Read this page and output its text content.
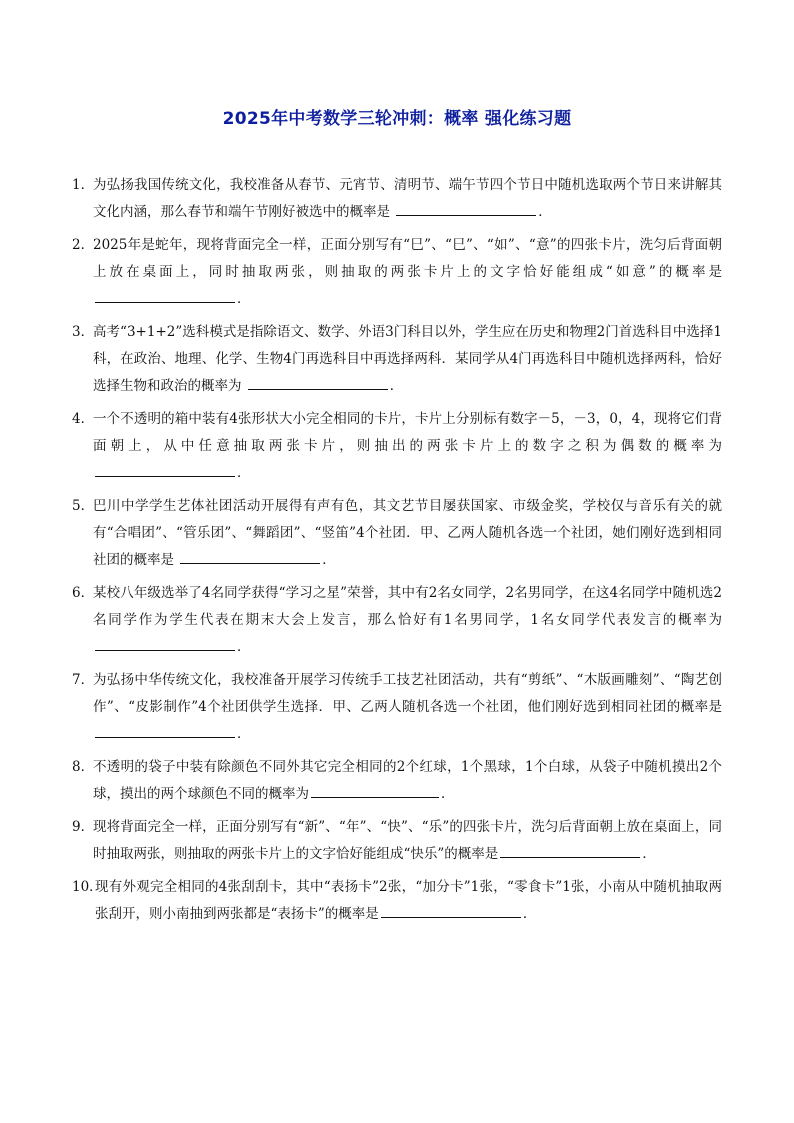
2025年中考数学三轮冲刺：概率 强化练习题
1．

为弘扬我国传统文化，我校准备从春节、元宵节、清明节、端午节四个节日中随机选取两个节日来讲解其文化内涵，那么春节和端午节刚好被选中的概率是	．

2．

2025年是蛇年，现将背面完全一样，正面分别写有“巳”、“巳”、“如”、“意”的四张卡片，洗匀后背面朝上放在桌面上，同时抽取两张，则抽取的两张卡片上的文字恰好能组成“如意”的概率是．

3．

高考“3+1+2”选科模式是指除语文、数学、外语3门科目以外，学生应在历史和物理2门首选科目中选择1科，在政治、地理、化学、生物4门再选科目中再选择两科．某同学从4门再选科目中随机选择两科，恰好选择生物和政治的概率为	．

4．

一个不透明的箱中装有4张形状大小完全相同的卡片，卡片上分别标有数字－5，－3，0，4，现将它们背面朝上，从中任意抽取两张卡片，则抽出的两张卡片上的数字之积为偶数的概率为．

5．

巴川中学学生艺体社团活动开展得有声有色，其文艺节目屡获国家、市级金奖，学校仅与音乐有关的就有“合唱团”、“管乐团”、“舞蹈团”、“竖笛”4个社团．甲、乙两人随机各选一个社团，她们刚好选到相同社团的概率是	．

6．

某校八年级选举了4名同学获得“学习之星”荣誉，其中有2名女同学，2名男同学，在这4名同学中随机选2名同学作为学生代表在期末大会上发言，那么恰好有1名男同学，1名女同学代表发言的概率为 ．

7．

为弘扬中华传统文化，我校准备开展学习传统手工技艺社团活动，共有“剪纸”、“木版画雕刻”、“陶艺创作”、“皮影制作”4个社团供学生选择．甲、乙两人随机各选一个社团，他们刚好选到相同社团的概率是．

8．

不透明的袋子中装有除颜色不同外其它完全相同的2个红球，1个黑球，1个白球，从袋子中随机摸出2个球，摸出的两个球颜色不同的概率为	．

9．

现将背面完全一样，正面分别写有“新”、“年”、“快”、“乐”的四张卡片，洗匀后背面朝上放在桌面上，同时抽取两张，则抽取的两张卡片上的文字恰好能组成“快乐”的概率是	．

10．

现有外观完全相同的4张刮刮卡，其中“表扬卡”2张，“加分卡”1张，“零食卡”1张，小南从中随机抽取两张刮开，则小南抽到两张都是“表扬卡”的概率是	．
